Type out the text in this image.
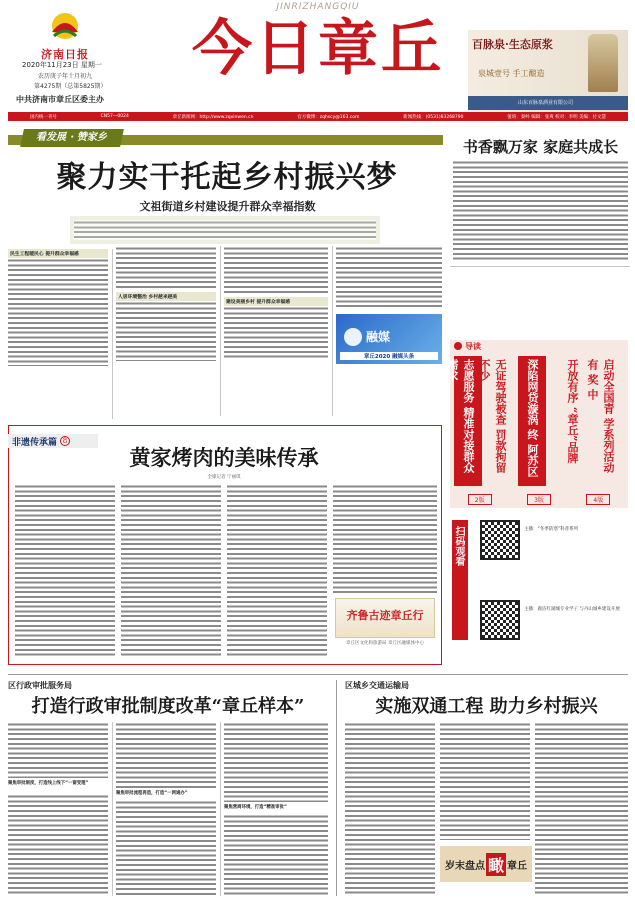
济南日报
JINRIZHANGQIU
今日章丘
2020年11月23日 星期一
农历庚子年十月初九
第4275期（总第5825期）
中共济南市章丘区委主办
百脉泉·生态原浆
泉城壹号 手工酿造
山东百脉泉酒业有限公司
国内统一刊号	CN57—0024	章丘新闻网：http://www.zqxinwen.cn	官方微博：zqhscy@163.com	新闻热线：(0531)83268790	值班：秦岭 编辑：张爽 校对：李明 美编：付文慧
看发展 · 赞家乡
聚力实干托起乡村振兴梦
文祖街道乡村建设提升群众幸福指数
民生工程暖民心 提升群众幸福感
人居环境整治 乡村越来越美
建设美丽乡村 提升群众幸福感
融媒
章丘2020 融媒头条
非遗传承篇 8
黄家烤肉的美味传承
全媒记者 宁丽琪
齐鲁古迹章丘行
章丘区文化和旅游局 章丘区融媒体中心
书香飘万家 家庭共成长
导读
志愿服务 精准对接群众需求	无证驾驶被查 罚款拘留不少	深陷网贷漩涡 终 阿苏区	开放有序 “章丘”品牌	启动全国青 学系列活动 有 奖 中
2版	3版	4版
扫码观看	主播：“冬季防寒”科普系列
主播：鹿洁红湖城专业学子 与丹山城乡建设开展
区行政审批服务局
打造行政审批制度改革“章丘样本”
聚焦审批制度，打造线上线下“一窗受理”
聚焦审批流程再造，打造“一网通办”
聚焦营商环境，打造“精准审批”
区城乡交通运输局
实施双通工程 助力乡村振兴
岁末盘点 瞰 章丘
